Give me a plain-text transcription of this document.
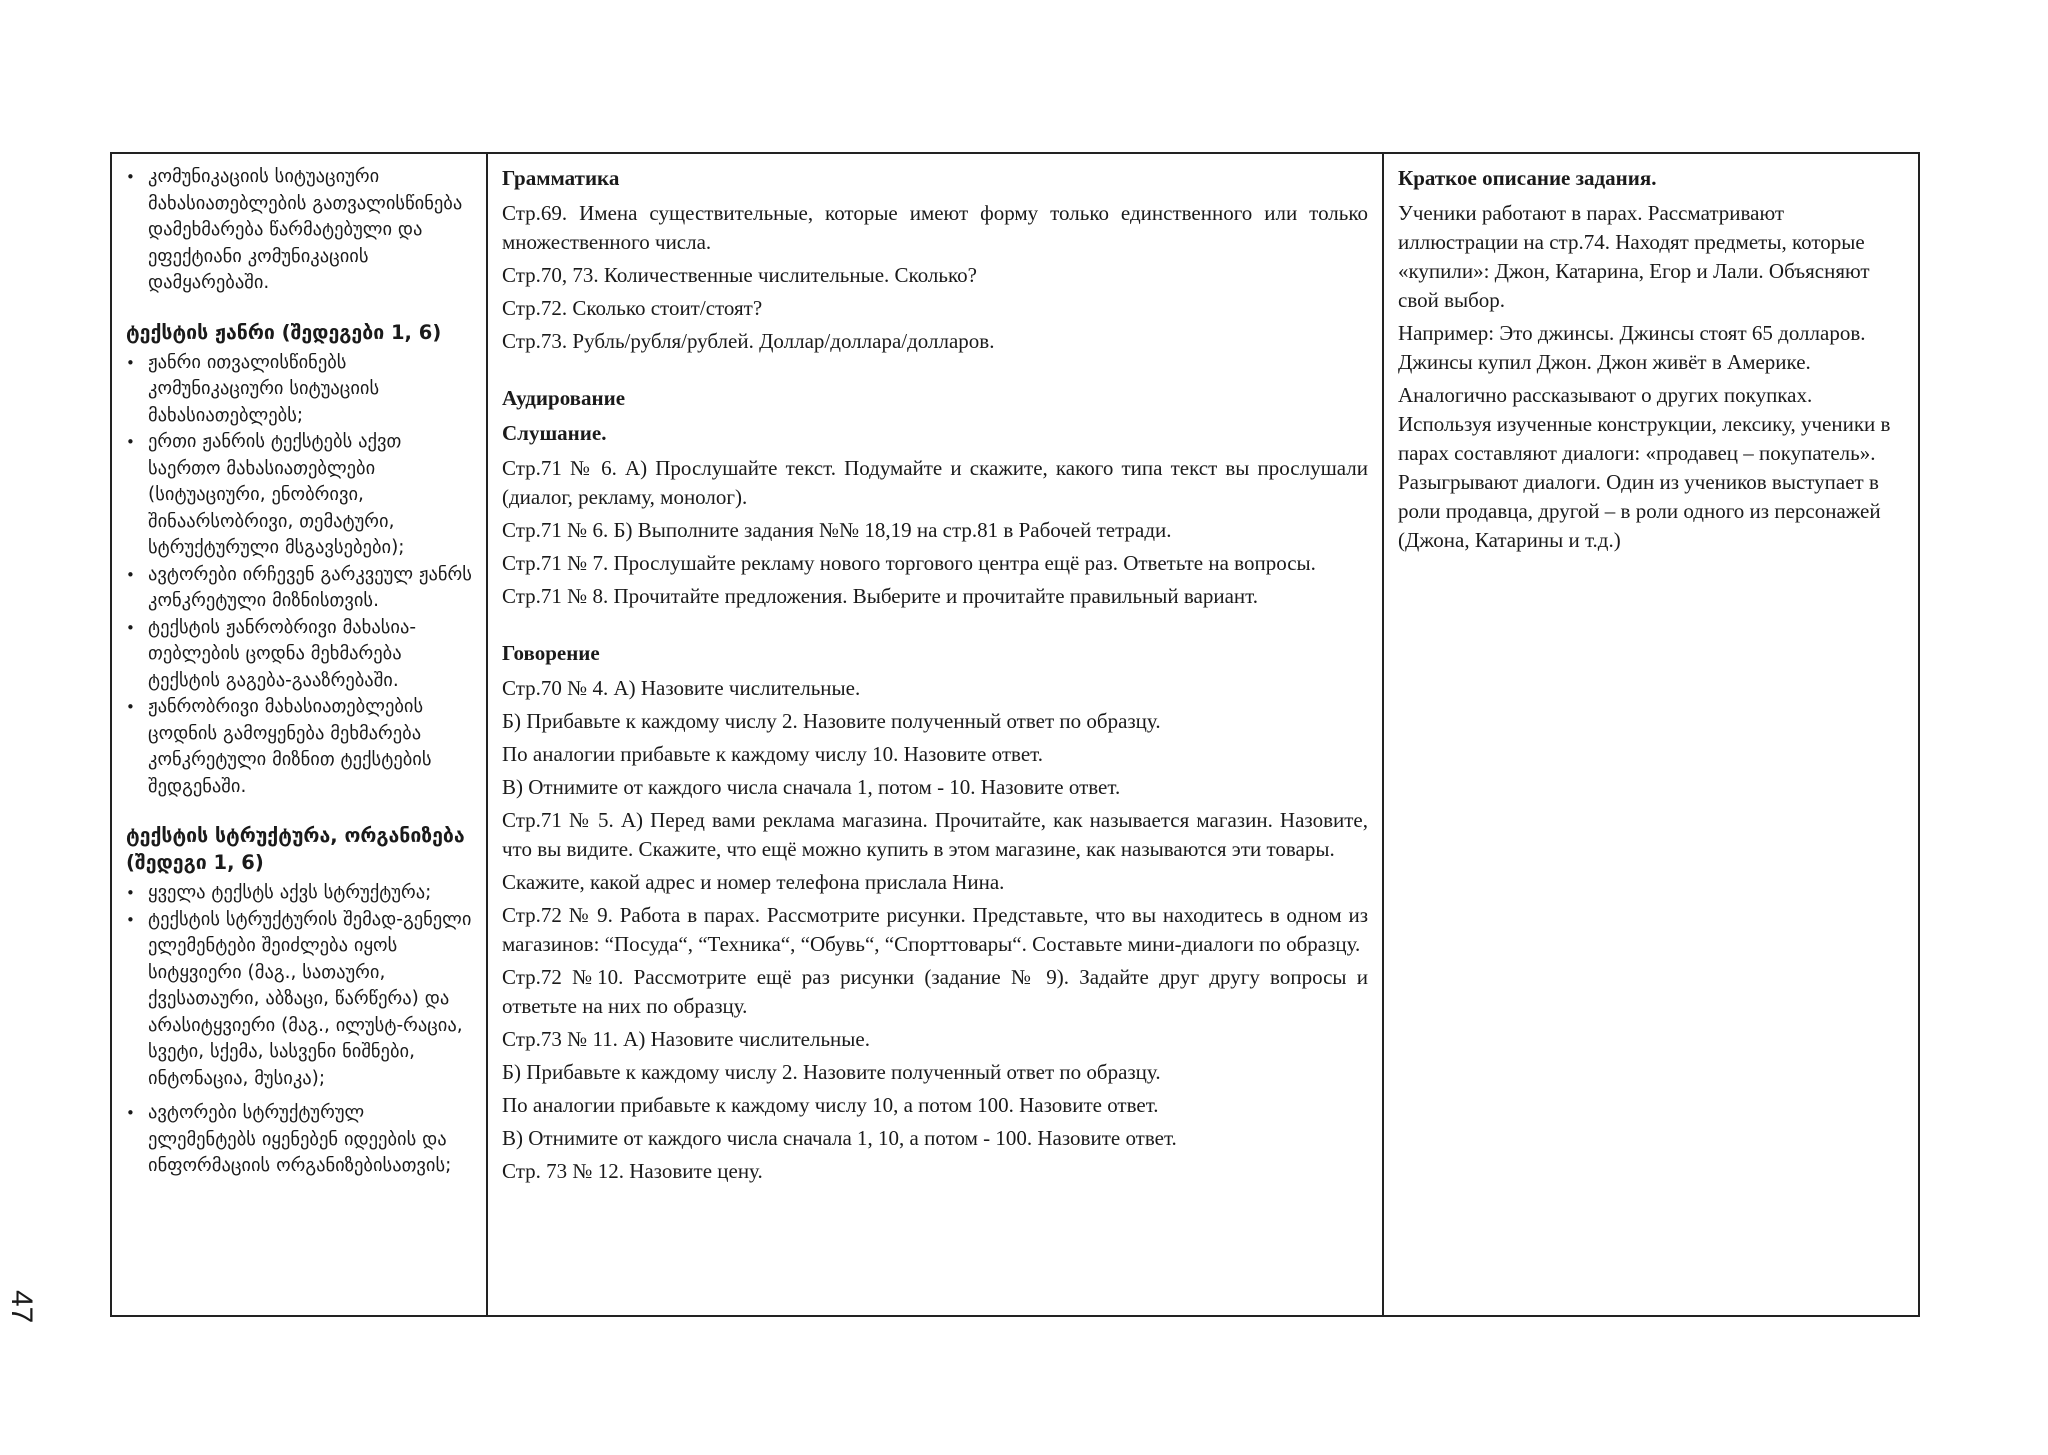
47
• კომუნიკაციის სიტუაციური მახასიათებლების გათვალისწინება დამეხმარება წარმატებული და ეფექტიანი კომუნიკაციის დამყარებაში.
ტექსტის ჟანრი (შედეგები 1, 6)
• ჟანრი ითვალისწინებს კომუნიკაციური სიტუაციის მახასიათებლებს;
• ერთი ჟანრის ტექსტებს აქვთ საერთო მახასიათებლები (სიტუაციური, ენობრივი, შინაარსობრივი, თემატური, სტრუქტურული მსგავსებები);
• ავტორები ირჩევენ გარკვეულ ჟანრს კონკრეტული მიზნისთვის.
• ტექსტის ჟანრობრივი მახასია-თებლების ცოდნა მეხმარება ტექსტის გაგება-გააზრებაში.
• ჟანრობრივი მახასიათებლების ცოდნის გამოყენება მეხმარება კონკრეტული მიზნით ტექსტების შედგენაში.
ტექსტის სტრუქტურა, ორგანიზება (შედეგი 1, 6)
• ყველა ტექსტს აქვს სტრუქტურა;
• ტექსტის სტრუქტურის შემად-გენელი ელემენტები შეიძლება იყოს სიტყვიერი (მაგ., სათაური, ქვესათაური, აბზაცი, წარწერა) და არასიტყვიერი (მაგ., ილუსტ-რაცია, სვეტი, სქემა, სასვენი ნიშნები, ინტონაცია, მუსიკა);
• ავტორები სტრუქტურულ ელემენტებს იყენებენ იდეების და ინფორმაციის ორგანიზებისათვის;
Грамматика

Стр.69. Имена существительные, которые имеют форму только единственного или только множественного числа.

Стр.70, 73. Количественные числительные. Сколько?

Стр.72. Сколько стоит/стоят?

Стр.73. Рубль/рубля/рублей. Доллар/доллара/долларов.

Аудирование
Слушание.

Стр.71 № 6. А) Прослушайте текст. Подумайте и скажите, какого типа текст вы прослушали (диалог, рекламу, монолог).

Стр.71 № 6. Б) Выполните задания №№ 18,19 на стр.81 в Рабочей тетради.

Стр.71 № 7. Прослушайте рекламу нового торгового центра ещё раз. Ответьте на вопросы.

Стр.71 № 8. Прочитайте предложения. Выберите и прочитайте правильный вариант.

Говорение

Стр.70 № 4. А) Назовите числительные.

Б) Прибавьте к каждому числу 2. Назовите полученный ответ по образцу.

По аналогии прибавьте к каждому числу 10. Назовите ответ.

В) Отнимите от каждого числа сначала 1, потом - 10. Назовите ответ.

Стр.71 № 5. А) Перед вами реклама магазина. Прочитайте, как называется магазин. Назовите, что вы видите. Скажите, что ещё можно купить в этом магазине, как называются эти товары.

Скажите, какой адрес и номер телефона прислала Нина.

Стр.72 № 9. Работа в парах. Рассмотрите рисунки. Представьте, что вы находитесь в одном из магазинов: “Посуда“, “Техника“, “Обувь“, “Спорттовары“. Составьте мини-диалоги по образцу.

Стр.72 №10. Рассмотрите ещё раз рисунки (задание № 9). Задайте друг другу вопросы и ответьте на них по образцу.

Стр.73 № 11. А) Назовите числительные.

Б) Прибавьте к каждому числу 2. Назовите полученный ответ по образцу.

По аналогии прибавьте к каждому числу 10, а потом 100. Назовите ответ.

В) Отнимите от каждого числа сначала 1, 10, а потом - 100. Назовите ответ.

Стр. 73 № 12. Назовите цену.

Краткое описание задания.

Ученики работают в парах. Рассматривают иллюстрации на стр.74. Находят предметы, которые «купили»: Джон, Катарина, Егор и Лали. Объясняют свой выбор.

Например: Это джинсы. Джинсы стоят 65 долларов. Джинсы купил Джон. Джон живёт в Америке.

Аналогично рассказывают о других покупках. Используя изученные конструкции, лексику, ученики в парах составляют диалоги: «продавец – покупатель». Разыгрывают диалоги. Один из учеников выступает в роли продавца, другой – в роли одного из персонажей (Джона, Катарины и т.д.)
